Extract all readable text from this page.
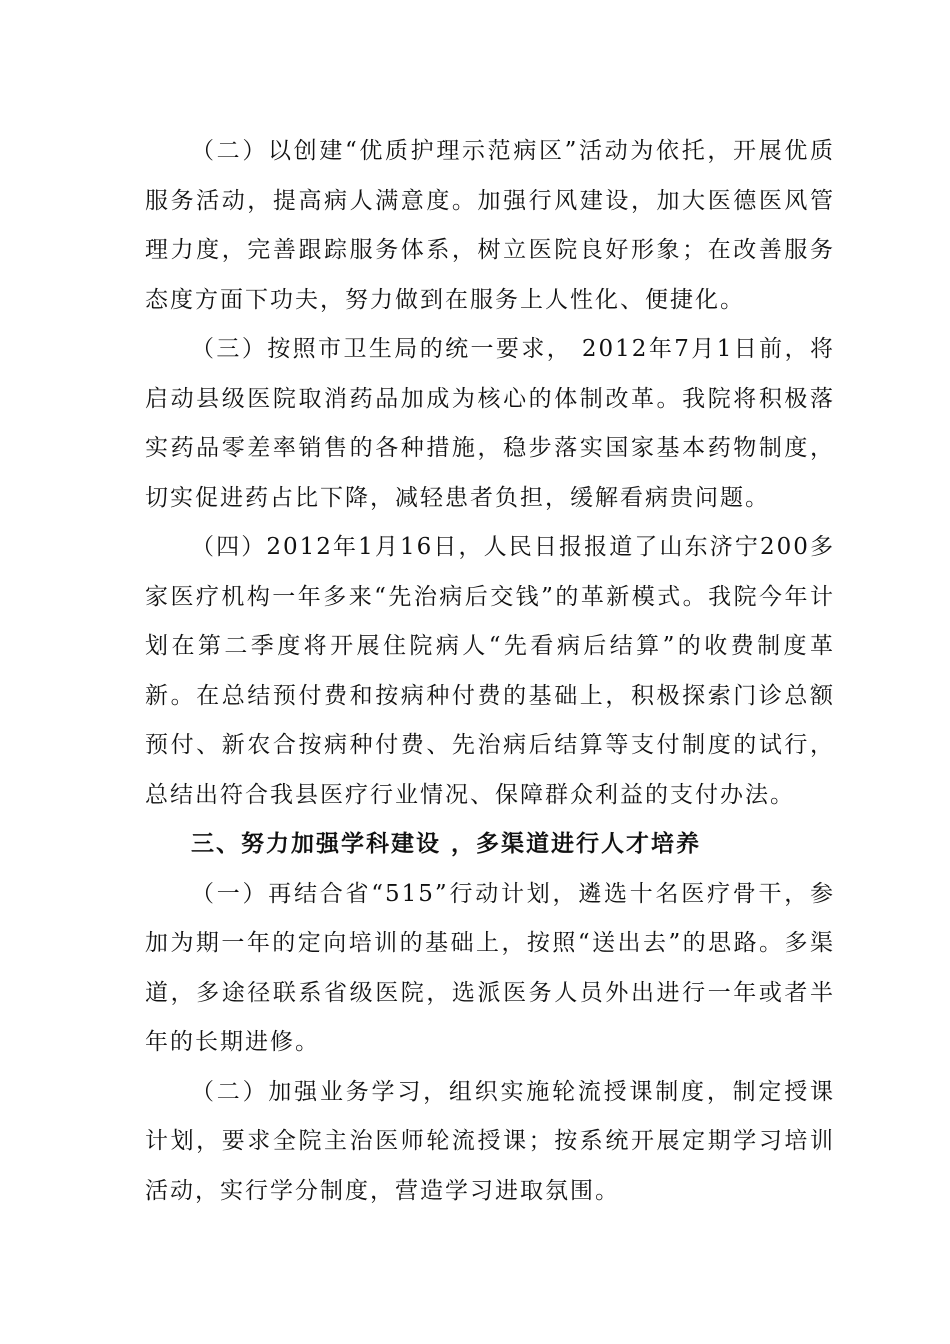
（二）以创建“优质护理示范病区”活动为依托，开展优质服务活动，提高病人满意度。加强行风建设，加大医德医风管理力度，完善跟踪服务体系，树立医院良好形象；在改善服务态度方面下功夫，努力做到在服务上人性化、便捷化。

（三）按照市卫生局的统一要求， 2012年7月1日前，将启动县级医院取消药品加成为核心的体制改革。我院将积极落实药品零差率销售的各种措施，稳步落实国家基本药物制度，切实促进药占比下降，减轻患者负担，缓解看病贵问题。

（四）2012年1月16日，人民日报报道了山东济宁200多家医疗机构一年多来“先治病后交钱”的革新模式。我院今年计划在第二季度将开展住院病人“先看病后结算”的收费制度革新。在总结预付费和按病种付费的基础上，积极探索门诊总额预付、新农合按病种付费、先治病后结算等支付制度的试行，总结出符合我县医疗行业情况、保障群众利益的支付办法。

三、努力加强学科建设 ，多渠道进行人才培养

（一）再结合省“515”行动计划，遴选十名医疗骨干，参加为期一年的定向培训的基础上，按照“送出去”的思路。多渠道，多途径联系省级医院，选派医务人员外出进行一年或者半年的长期进修。

（二）加强业务学习，组织实施轮流授课制度，制定授课计划，要求全院主治医师轮流授课；按系统开展定期学习培训活动，实行学分制度，营造学习进取氛围。
